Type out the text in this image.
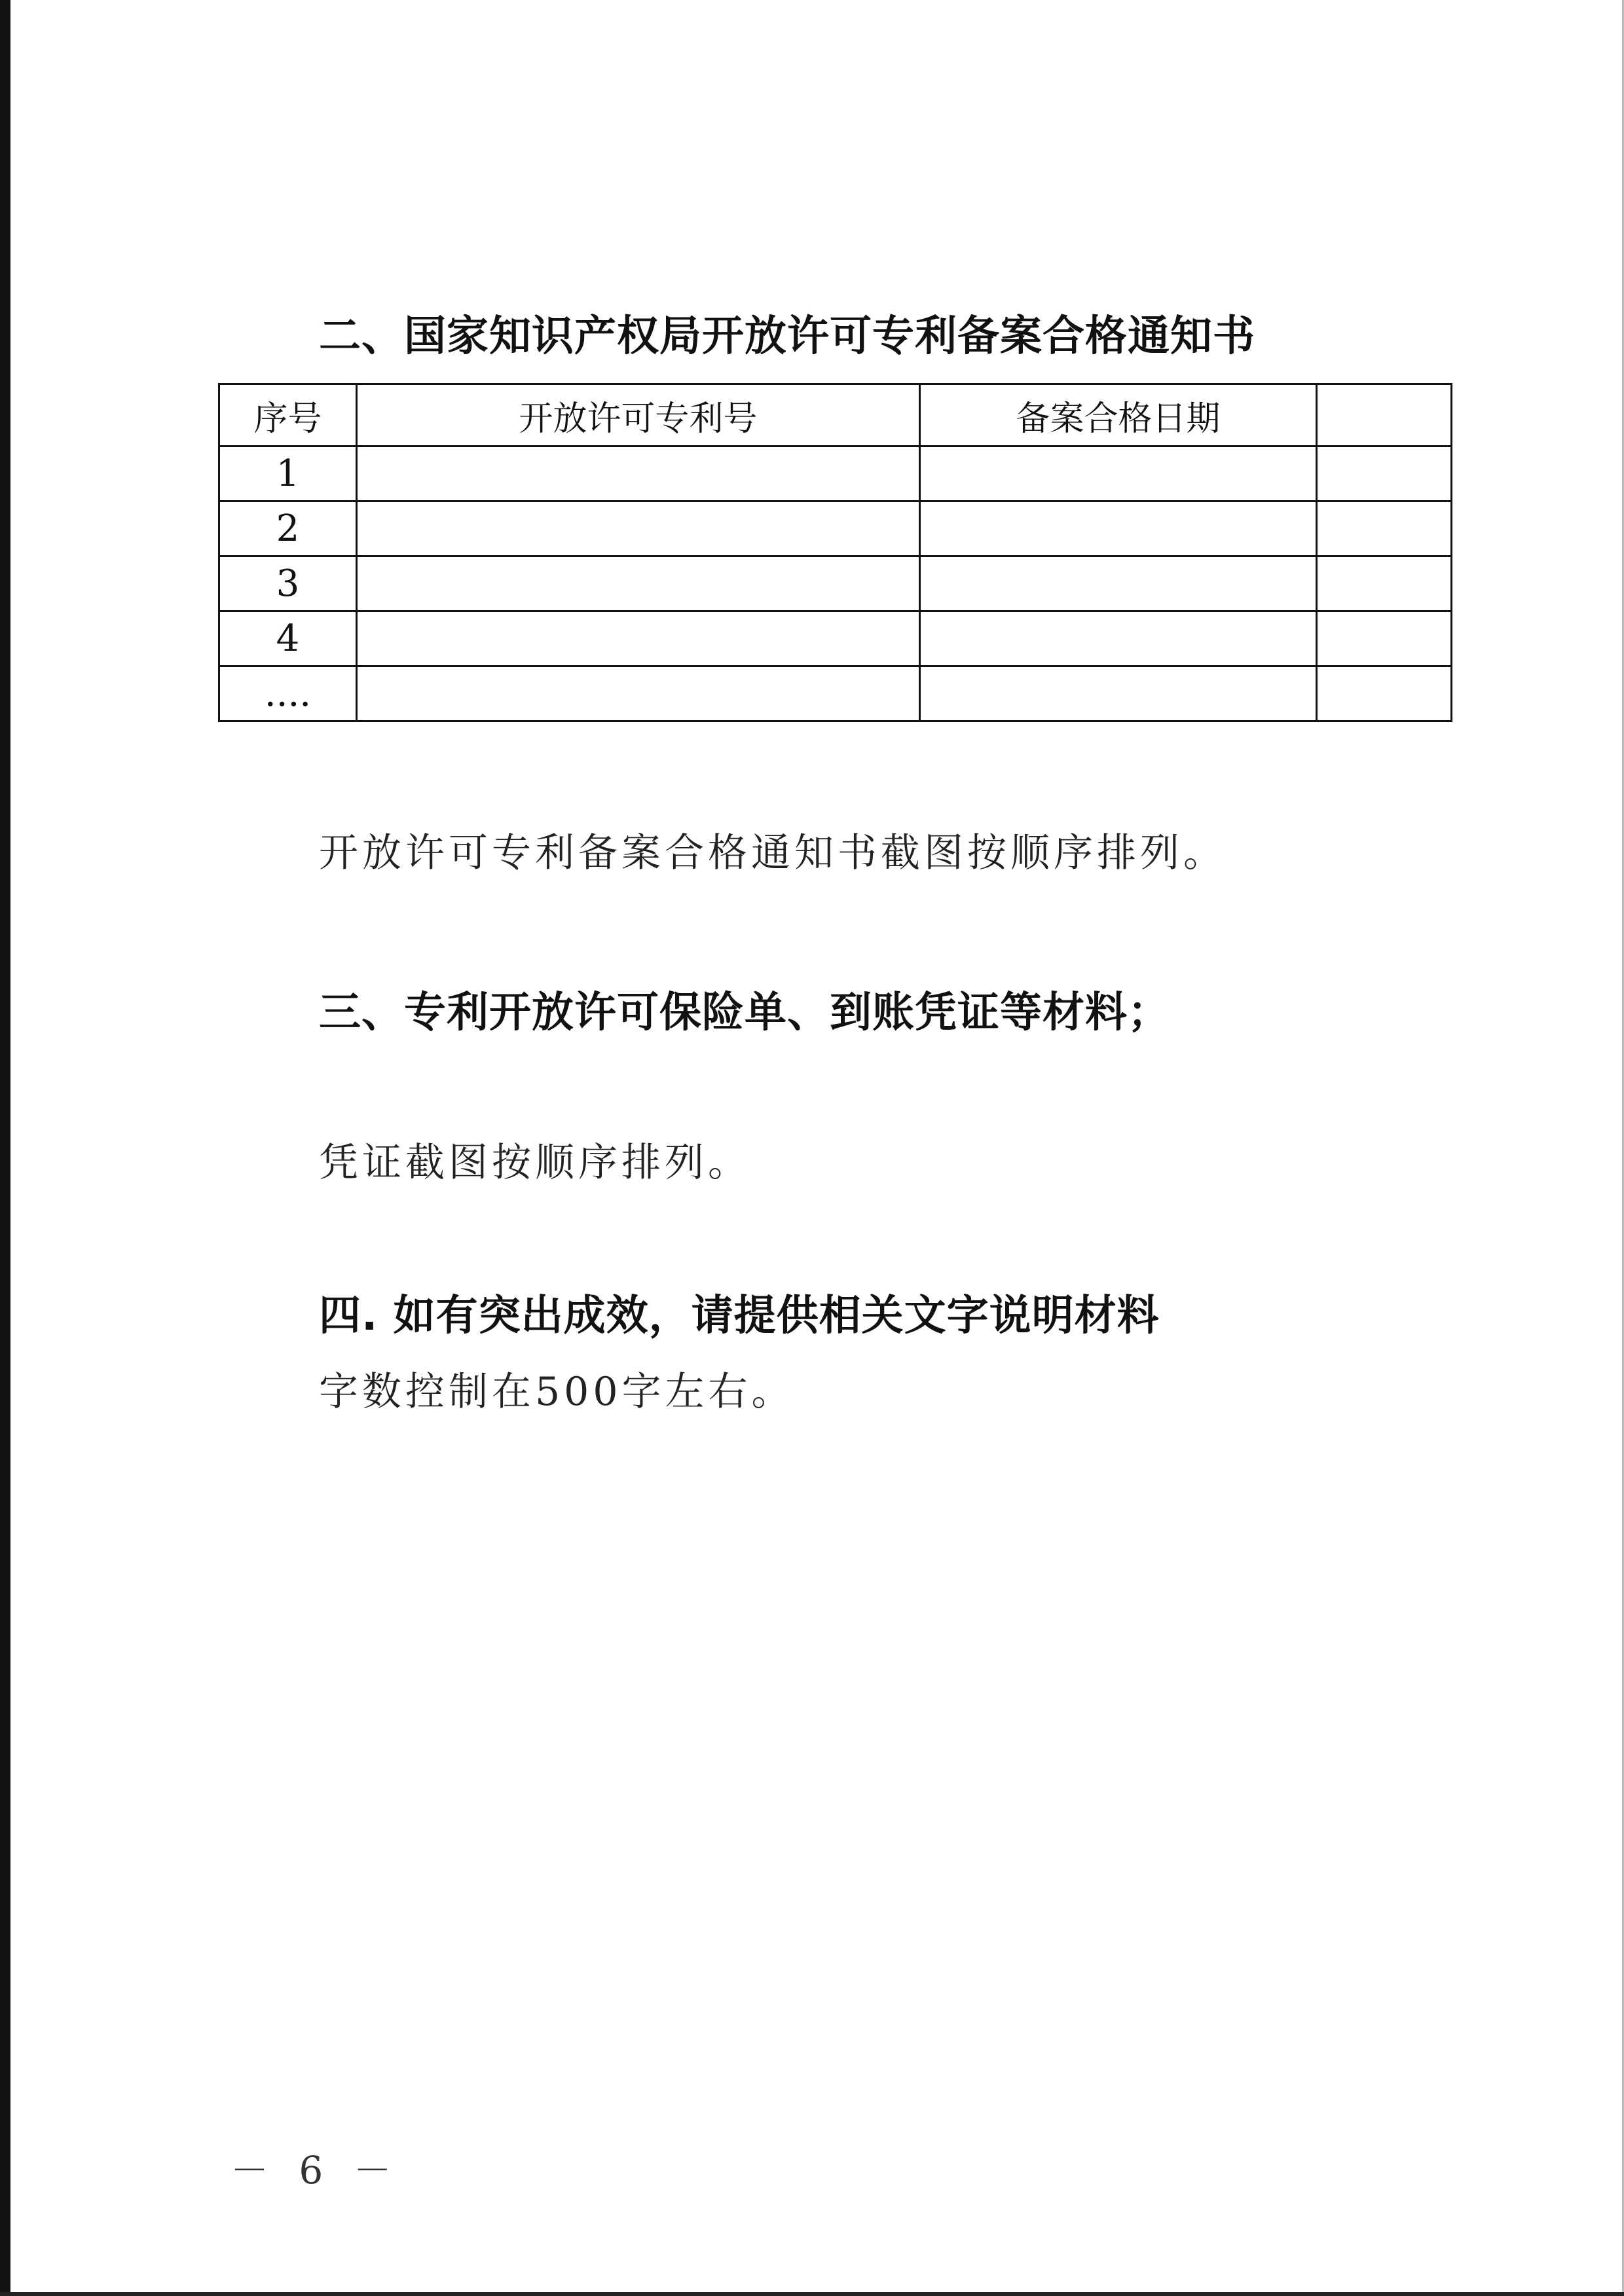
二、国家知识产权局开放许可专利备案合格通知书
序号	开放许可专利号	备案合格日期	
1			
2			
3			
4			
....			
开放许可专利备案合格通知书截图按顺序排列。
三、专利开放许可保险单、到账凭证等材料；
凭证截图按顺序排列。
四. 如有突出成效，请提供相关文字说明材料
字数控制在500字左右。
－ 6 －
